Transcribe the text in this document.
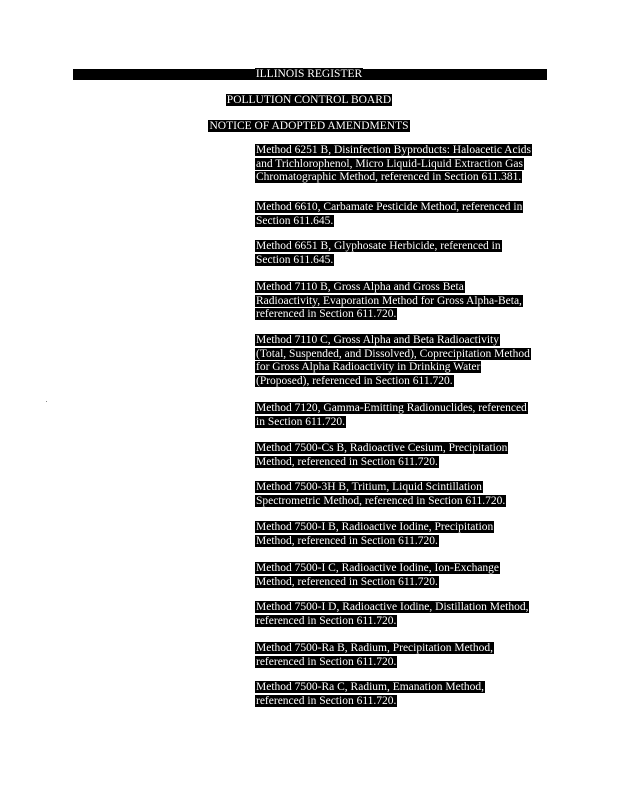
ILLINOIS REGISTER
POLLUTION CONTROL BOARD
NOTICE OF ADOPTED AMENDMENTS
Method 6251 B, Disinfection Byproducts: Haloacetic Acids
and Trichlorophenol, Micro Liquid-Liquid Extraction Gas
Chromatographic Method, referenced in Section 611.381.
Method 6610, Carbamate Pesticide Method, referenced in
Section 611.645.
Method 6651 B, Glyphosate Herbicide, referenced in
Section 611.645.
Method 7110 B, Gross Alpha and Gross Beta
Radioactivity, Evaporation Method for Gross Alpha-Beta,
referenced in Section 611.720.
Method 7110 C, Gross Alpha and Beta Radioactivity
(Total, Suspended, and Dissolved), Coprecipitation Method
for Gross Alpha Radioactivity in Drinking Water
(Proposed), referenced in Section 611.720.
Method 7120, Gamma-Emitting Radionuclides, referenced
in Section 611.720.
Method 7500-Cs B, Radioactive Cesium, Precipitation
Method, referenced in Section 611.720.
Method 7500-3H B, Tritium, Liquid Scintillation
Spectrometric Method, referenced in Section 611.720.
Method 7500-I B, Radioactive Iodine, Precipitation
Method, referenced in Section 611.720.
Method 7500-I C, Radioactive Iodine, Ion-Exchange
Method, referenced in Section 611.720.
Method 7500-I D, Radioactive Iodine, Distillation Method,
referenced in Section 611.720.
Method 7500-Ra B, Radium, Precipitation Method,
referenced in Section 611.720.
Method 7500-Ra C, Radium, Emanation Method,
referenced in Section 611.720.
